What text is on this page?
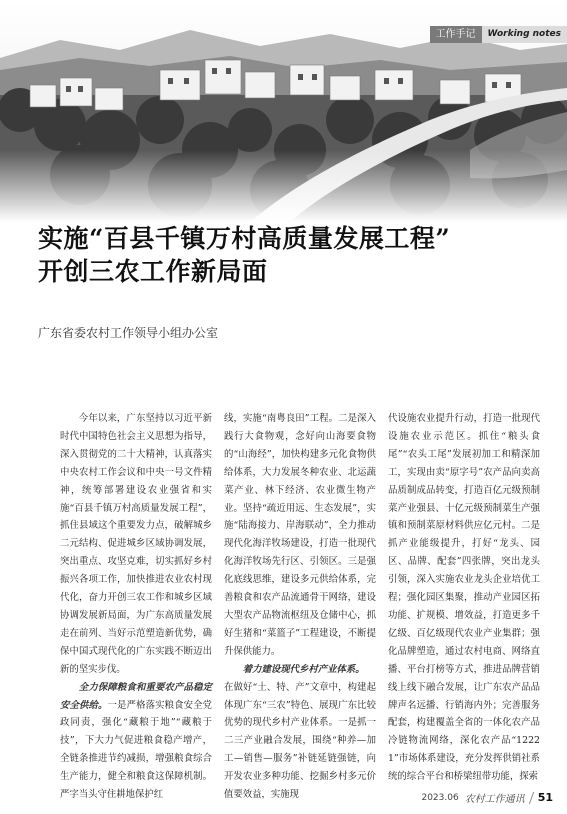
工作手记	Working notes
实施“百县千镇万村高质量发展工程”
开创三农工作新局面
广东省委农村工作领导小组办公室

今年以来，广东坚持以习近平新时代中国特色社会主义思想为指导，深入贯彻党的二十大精神，认真落实中央农村工作会议和中央一号文件精神，统筹部署建设农业强省和实施“百县千镇万村高质量发展工程”，抓住县域这个重要发力点，破解城乡二元结构、促进城乡区域协调发展，突出重点、攻坚克难，切实抓好乡村振兴各项工作，加快推进农业农村现代化，奋力开创三农工作和城乡区域协调发展新局面，为广东高质量发展走在前列、当好示范塑造新优势，确保中国式现代化的广东实践不断迈出新的坚实步伐。

全力保障粮食和重要农产品稳定安全供给。一是严格落实粮食安全党政同责，强化“藏粮于地”“藏粮于技”，下大力气促进粮食稳产增产，全链条推进节约减损，增强粮食综合生产能力，健全和粮食这保障机制。严字当头守住耕地保护红

线，实施“南粤良田”工程。二是深入践行大食物观，念好向山海要食物的“山海经”，加快构建多元化食物供给体系，大力发展冬种农业、北运蔬菜产业、林下经济、农业微生物产业。坚持“疏近用远、生态发展”，实施“陆海接力、岸海联动”，全力推动现代化海洋牧场建设，打造一批现代化海洋牧场先行区、引领区。三是强化底线思维，建设多元供给体系，完善粮食和农产品流通骨干网络，建设大型农产品物流枢纽及仓储中心，抓好生猪和“菜篮子”工程建设，不断提升保供能力。

着力建设现代乡村产业体系。

在做好“土、特、产”文章中，构建起体现广东“三农”特色、展现广东比较优势的现代乡村产业体系。一是抓一二三产业融合发展，围绕“种养—加工—销售—服务”补链延链强链，向开发农业多种功能、挖掘乡村多元价值要效益，实施现

代设施农业提升行动，打造一批现代设施农业示范区。抓住“粮头食尾”“农头工尾”发展初加工和精深加工，实现由卖“原字号”农产品向卖高品质制成品转变，打造百亿元级预制菜产业强县、十亿元级预制菜生产强镇和预制菜原材料供应亿元村。二是抓产业能级提升，打好“龙头、园区、品牌、配套”四张牌，突出龙头引领，深入实施农业龙头企业培优工程；强化园区集聚，推动产业园区拓功能、扩规模、增效益，打造更多千亿级、百亿级现代农业产业集群；强化品牌塑造，通过农村电商、网络直播、平台打榜等方式，推进品牌营销线上线下融合发展，让广东农产品品牌声名远播、行销海内外；完善服务配套，构建覆盖全省的一体化农产品冷链物流网络，深化农产品“12221”市场体系建设，充分发挥供销社系统的综合平台和桥梁纽带功能，探索

2023.06 农村工作通讯 51
